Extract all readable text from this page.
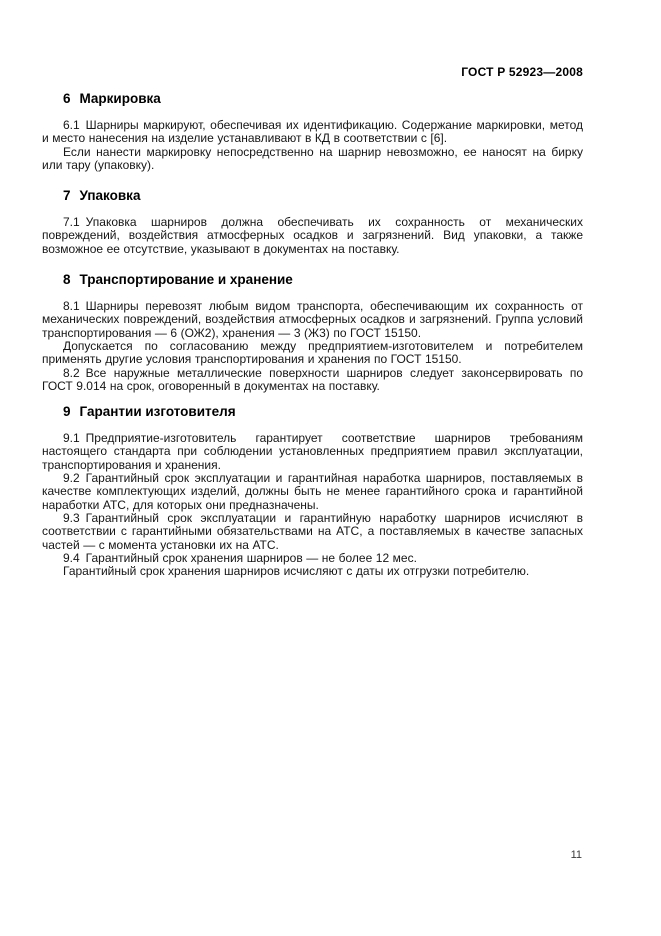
ГОСТ Р 52923—2008
6 Маркировка

6.1 Шарниры маркируют, обеспечивая их идентификацию. Содержание маркировки, метод и место нанесения на изделие устанавливают в КД в соответствии с [6].

Если нанести маркировку непосредственно на шарнир невозможно, ее наносят на бирку или тару (упаковку).

7 Упаковка

7.1 Упаковка шарниров должна обеспечивать их сохранность от механических повреждений, воздействия атмосферных осадков и загрязнений. Вид упаковки, а также возможное ее отсутствие, указывают в документах на поставку.

8 Транспортирование и хранение

8.1 Шарниры перевозят любым видом транспорта, обеспечивающим их сохранность от механических повреждений, воздействия атмосферных осадков и загрязнений. Группа условий транспортирования — 6 (ОЖ2), хранения — 3 (Ж3) по ГОСТ 15150.

Допускается по согласованию между предприятием-изготовителем и потребителем применять другие условия транспортирования и хранения по ГОСТ 15150.

8.2 Все наружные металлические поверхности шарниров следует законсервировать по ГОСТ 9.014 на срок, оговоренный в документах на поставку.

9 Гарантии изготовителя

9.1 Предприятие-изготовитель гарантирует соответствие шарниров требованиям настоящего стандарта при соблюдении установленных предприятием правил эксплуатации, транспортирования и хранения.

9.2 Гарантийный срок эксплуатации и гарантийная наработка шарниров, поставляемых в качестве комплектующих изделий, должны быть не менее гарантийного срока и гарантийной наработки АТС, для которых они предназначены.

9.3 Гарантийный срок эксплуатации и гарантийную наработку шарниров исчисляют в соответствии с гарантийными обязательствами на АТС, а поставляемых в качестве запасных частей — с момента установки их на АТС.

9.4 Гарантийный срок хранения шарниров — не более 12 мес.

Гарантийный срок хранения шарниров исчисляют с даты их отгрузки потребителю.

11
